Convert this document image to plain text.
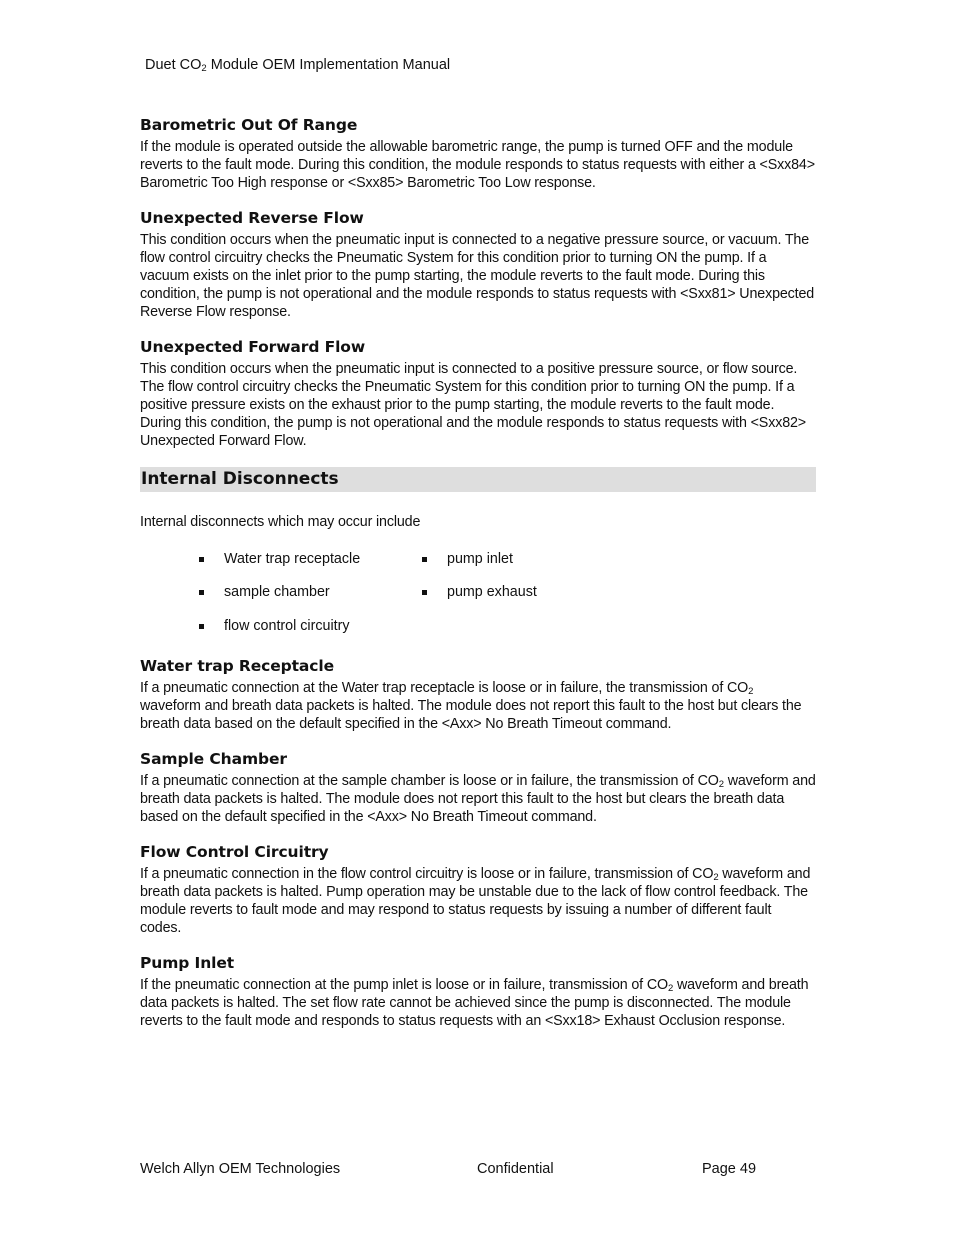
Duet $CO_2$ Module OEM Implementation Manual
Barometric Out Of Range

If the module is operated outside the allowable barometric range, the pump is turned OFF and the module reverts to the fault mode. During this condition, the module responds to status requests with either a <Sxx84> Barometric Too High response or <Sxx85> Barometric Too Low response.

Unexpected Reverse Flow

This condition occurs when the pneumatic input is connected to a negative pressure source, or vacuum. The flow control circuitry checks the Pneumatic System for this condition prior to turning ON the pump. If a vacuum exists on the inlet prior to the pump starting, the module reverts to the fault mode. During this condition, the pump is not operational and the module responds to status requests with <Sxx81> Unexpected Reverse Flow response.

Unexpected Forward Flow

This condition occurs when the pneumatic input is connected to a positive pressure source, or flow source. The flow control circuitry checks the Pneumatic System for this condition prior to turning ON the pump. If a positive pressure exists on the exhaust prior to the pump starting, the module reverts to the fault mode. During this condition, the pump is not operational and the module responds to status requests with <Sxx82> Unexpected Forward Flow.

Internal Disconnects

Internal disconnects which may occur include

Water trap receptacle	pump inlet
sample chamber	pump exhaust
flow control circuitry
Water trap Receptacle

If a pneumatic connection at the Water trap receptacle is loose or in failure, the transmission of $CO_2$ waveform and breath data packets is halted. The module does not report this fault to the host but clears the breath data based on the default specified in the <Axx> No Breath Timeout command.

Sample Chamber

If a pneumatic connection at the sample chamber is loose or in failure, the transmission of $CO_2$ waveform and breath data packets is halted. The module does not report this fault to the host but clears the breath data based on the default specified in the <Axx> No Breath Timeout command.

Flow Control Circuitry

If a pneumatic connection in the flow control circuitry is loose or in failure, transmission of $CO_2$ waveform and breath data packets is halted. Pump operation may be unstable due to the lack of flow control feedback. The module reverts to fault mode and may respond to status requests by issuing a number of different fault codes.

Pump Inlet

If the pneumatic connection at the pump inlet is loose or in failure, transmission of $CO_2$ waveform and breath data packets is halted. The set flow rate cannot be achieved since the pump is disconnected. The module reverts to the fault mode and responds to status requests with an <Sxx18> Exhaust Occlusion response.

Welch Allyn OEM Technologies	Confidential	Page 49
